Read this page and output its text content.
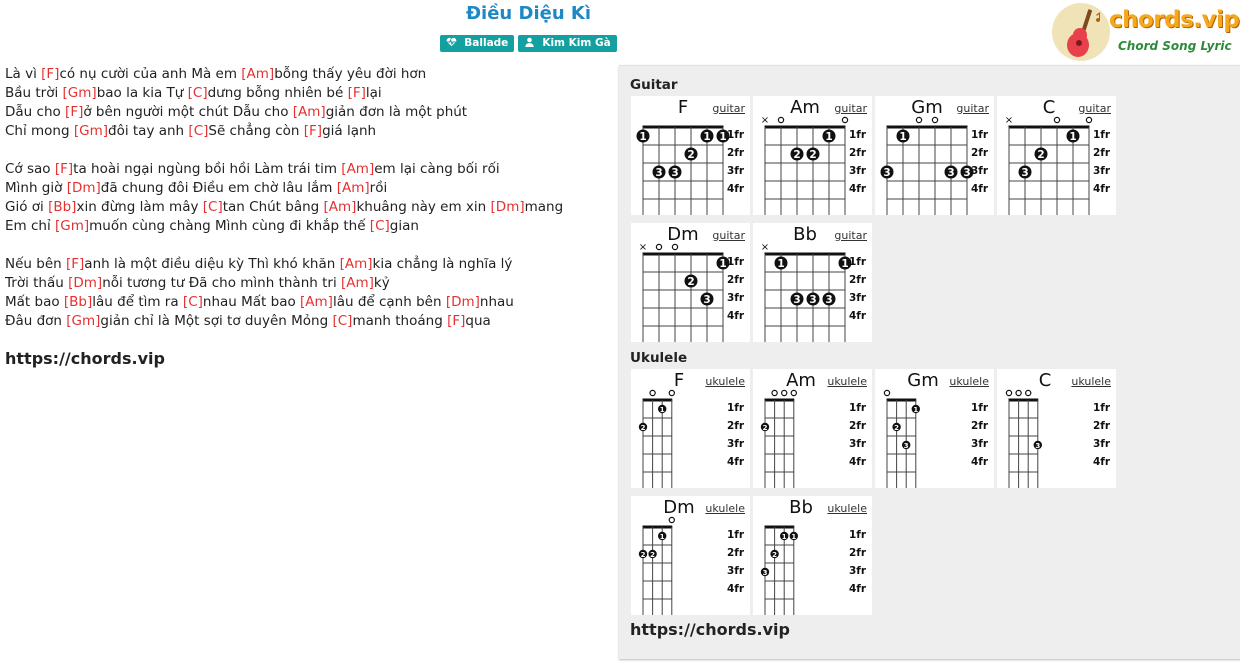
Điều Diệu Kì
Ballade	Kim Kim Gà
chords.vip
Chord Song Lyric
Là vì [F]có nụ cười của anh Mà em [Am]bỗng thấy yêu đời hơn
Bầu trời [Gm]bao la kia Tự [C]dưng bỗng nhiên bé [F]lại
Dẫu cho [F]ở bên người một chút Dẫu cho [Am]giản đơn là một phút
Chỉ mong [Gm]đôi tay anh [C]Sẽ chẳng còn [F]giá lạnh
Cớ sao [F]ta hoài ngại ngùng bồi hồi Làm trái tim [Am]em lại càng bối rối
Mình giờ [Dm]đã chung đôi Điều em chờ lâu lắm [Am]rồi
Gió ơi [Bb]xin đừng làm mây [C]tan Chút bâng [Am]khuâng này em xin [Dm]mang
Em chỉ [Gm]muốn cùng chàng Mình cùng đi khắp thế [C]gian
Nếu bên [F]anh là một điều diệu kỳ Thì khó khăn [Am]kia chẳng là nghĩa lý
Trời thấu [Dm]nỗi tương tư Đã cho mình thành tri [Am]kỷ
Mất bao [Bb]lâu để tìm ra [C]nhau Mất bao [Am]lâu để cạnh bên [Dm]nhau
Đâu đơn [Gm]giản chỉ là Một sợi tơ duyên Mỏng [C]manh thoáng [F]qua
https://chords.vip
Guitar
Ukulele
1
3 3
2
1 1
F	guitar
1fr
2fr
3fr
4fr
×
2 2
1
Am	guitar
1fr
2fr
3fr
4fr
3
1
3 3
Gm	guitar
1fr
2fr
3fr
4fr
×
3
2
1
C	guitar
1fr
2fr
3fr
4fr
×
2
3
1
Dm	guitar
1fr
2fr
3fr
4fr
×
1
3 3 3
1
Bb	guitar
1fr
2fr
3fr
4fr
2
1
F	ukulele
1fr
2fr
3fr
4fr
2
Am	ukulele
1fr
2fr
3fr
4fr
2
3
1
Gm ukulele
1fr
2fr
3fr
4fr
3
C	ukulele
1fr
2fr
3fr
4fr
2 2
1
Dm ukulele
1fr
2fr
3fr
4fr
3
2
1 1
Bb	ukulele
1fr
2fr
3fr
4fr
https://chords.vip
